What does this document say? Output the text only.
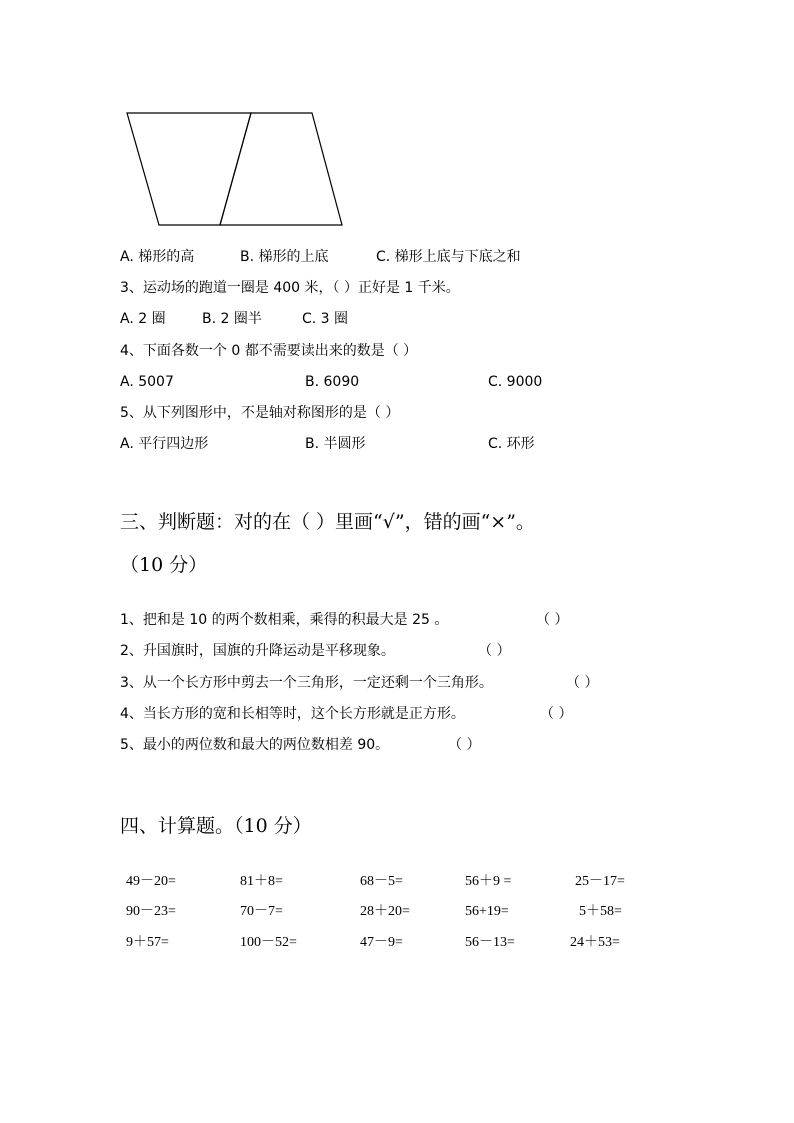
A. 梯形的高	B. 梯形的上底	C. 梯形上底与下底之和
3、运动场的跑道一圈是 400 米，（ ）正好是 1 千米。
A. 2 圈	B. 2 圈半	C. 3 圈
4、下面各数一个 0 都不需要读出来的数是（ ）
A. 5007	B. 6090	C. 9000
5、从下列图形中，不是轴对称图形的是（ ）
A. 平行四边形	B. 半圆形	C. 环形
三、判断题：对的在（ ）里画“√”，错的画“×”。
（10 分）
1、把和是 10 的两个数相乘，乘得的积最大是 25 。	（ ）
2、升国旗时，国旗的升降运动是平移现象。	（ ）
3、从一个长方形中剪去一个三角形，一定还剩一个三角形。	（ ）
4、当长方形的宽和长相等时，这个长方形就是正方形。	（ ）
5、最小的两位数和最大的两位数相差 90。	（ ）
四、计算题。（10 分）
49－20=	81＋8=	68－5=	56＋9 =	25－17=
90－23=	70－7=	28＋20=	56+19=	5＋58=
9＋57=	100－52=	47－9=	56－13=	24＋53=
